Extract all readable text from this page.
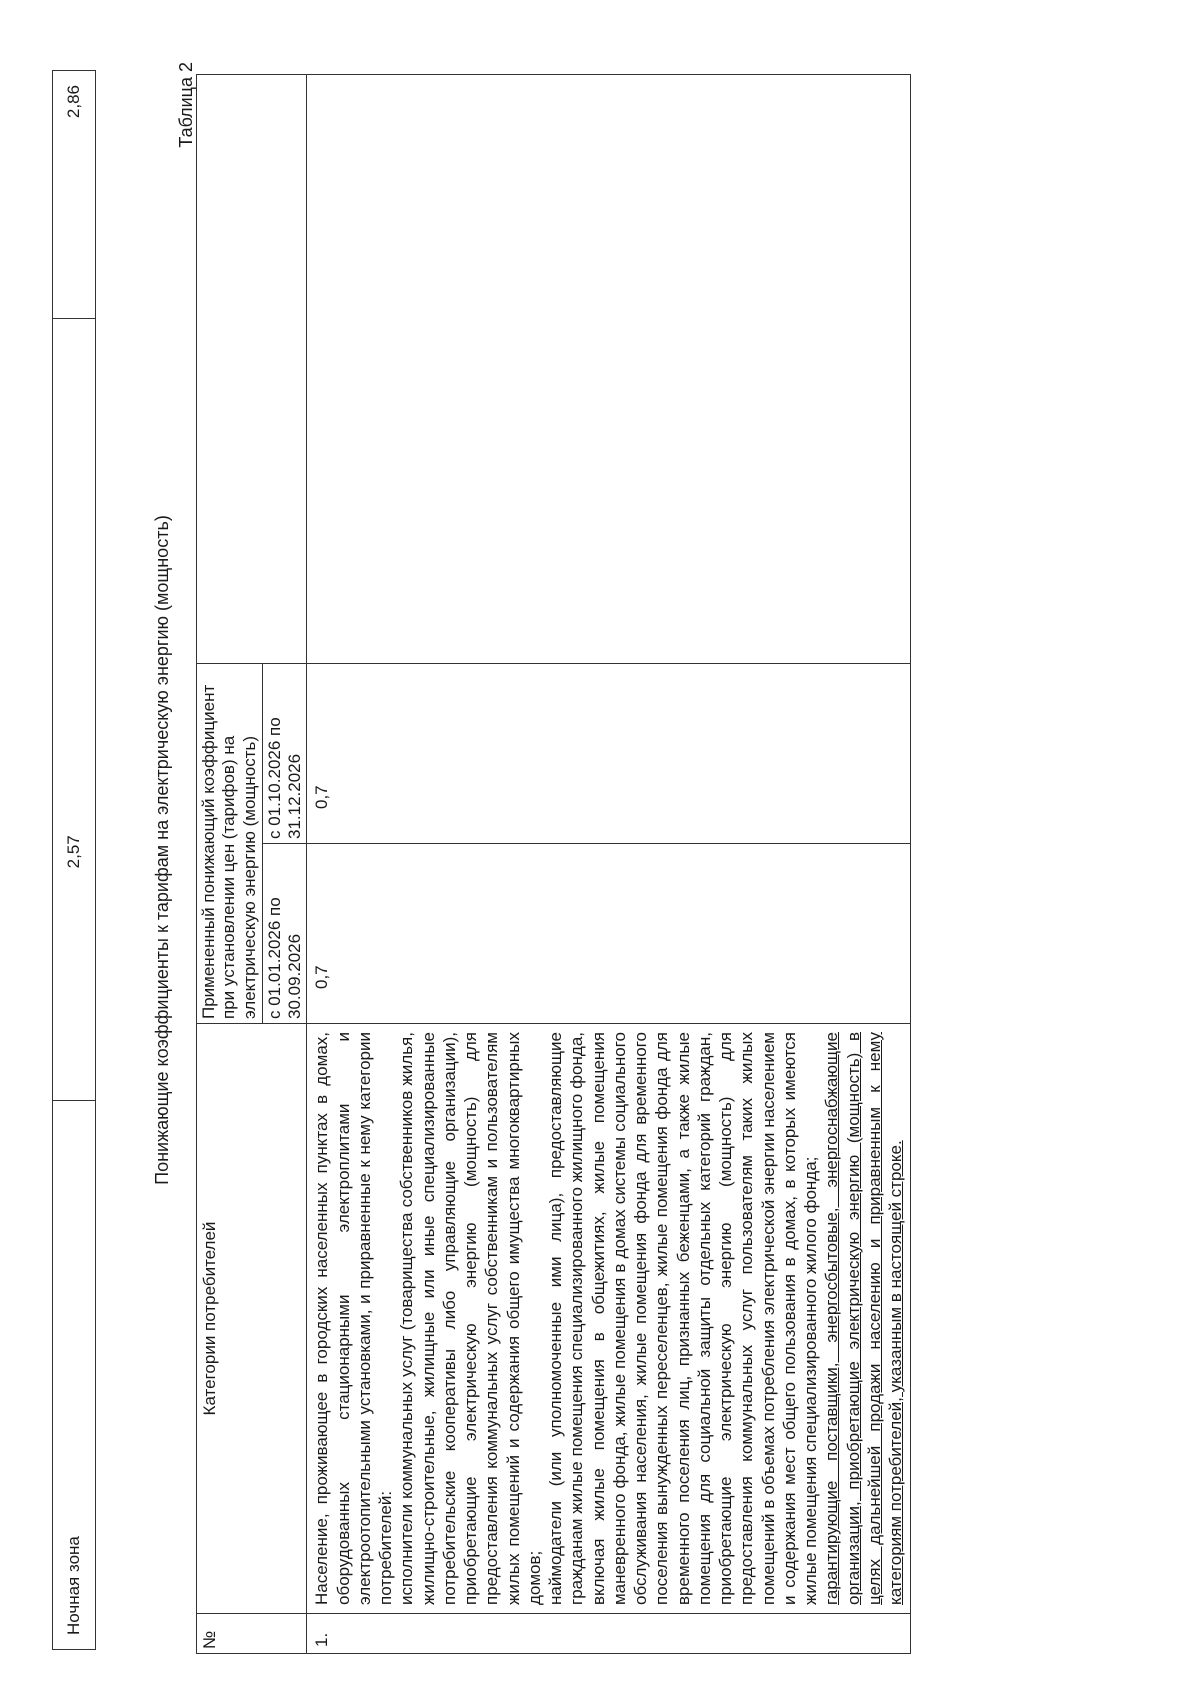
Ночная зона	2,57	2,86
Понижающие коэффициенты к тарифам на электрическую энергию (мощность)
Таблица 2
№	Категории потребителей	Примененный понижающий коэффициент при установлении цен (тарифов) на электрическую энергию (мощность)		
		с 01.01.2026 по 30.09.2026	с 01.10.2026 по 31.12.2026	
1.	Население, проживающее в городских населенных пунктах в домах, оборудованных стационарными электроплитами и электроотопительными установками, и приравненные к нему категории потребителей: исполнители коммунальных услуг (товарищества собственников жилья, жилищно-строительные, жилищные или иные специализированные потребительские кооперативы либо управляющие организации), приобретающие электрическую энергию (мощность) для предоставления коммунальных услуг собственникам и пользователям жилых помещений и содержания общего имущества многоквартирных домов; наймодатели (или уполномоченные ими лица), предоставляющие гражданам жилые помещения специализированного жилищного фонда, включая жилые помещения в общежитиях, жилые помещения маневренного фонда, жилые помещения в домах системы социального обслуживания населения, жилые помещения фонда для временного поселения вынужденных переселенцев, жилые помещения фонда для временного поселения лиц, признанных беженцами, а также жилые помещения для социальной защиты отдельных категорий граждан, приобретающие электрическую энергию (мощность) для предоставления коммунальных услуг пользователям таких жилых помещений в объемах потребления электрической энергии населением и содержания мест общего пользования в домах, в которых имеются жилые помещения специализированного жилого фонда; гарантирующие поставщики, энергосбытовые, энергоснабжающие организации, приобретающие электрическую энергию (мощность) в целях дальнейшей продажи населению и приравненным к нему категориям потребителей, указанным в настоящей строке.	0,7	0,7	
